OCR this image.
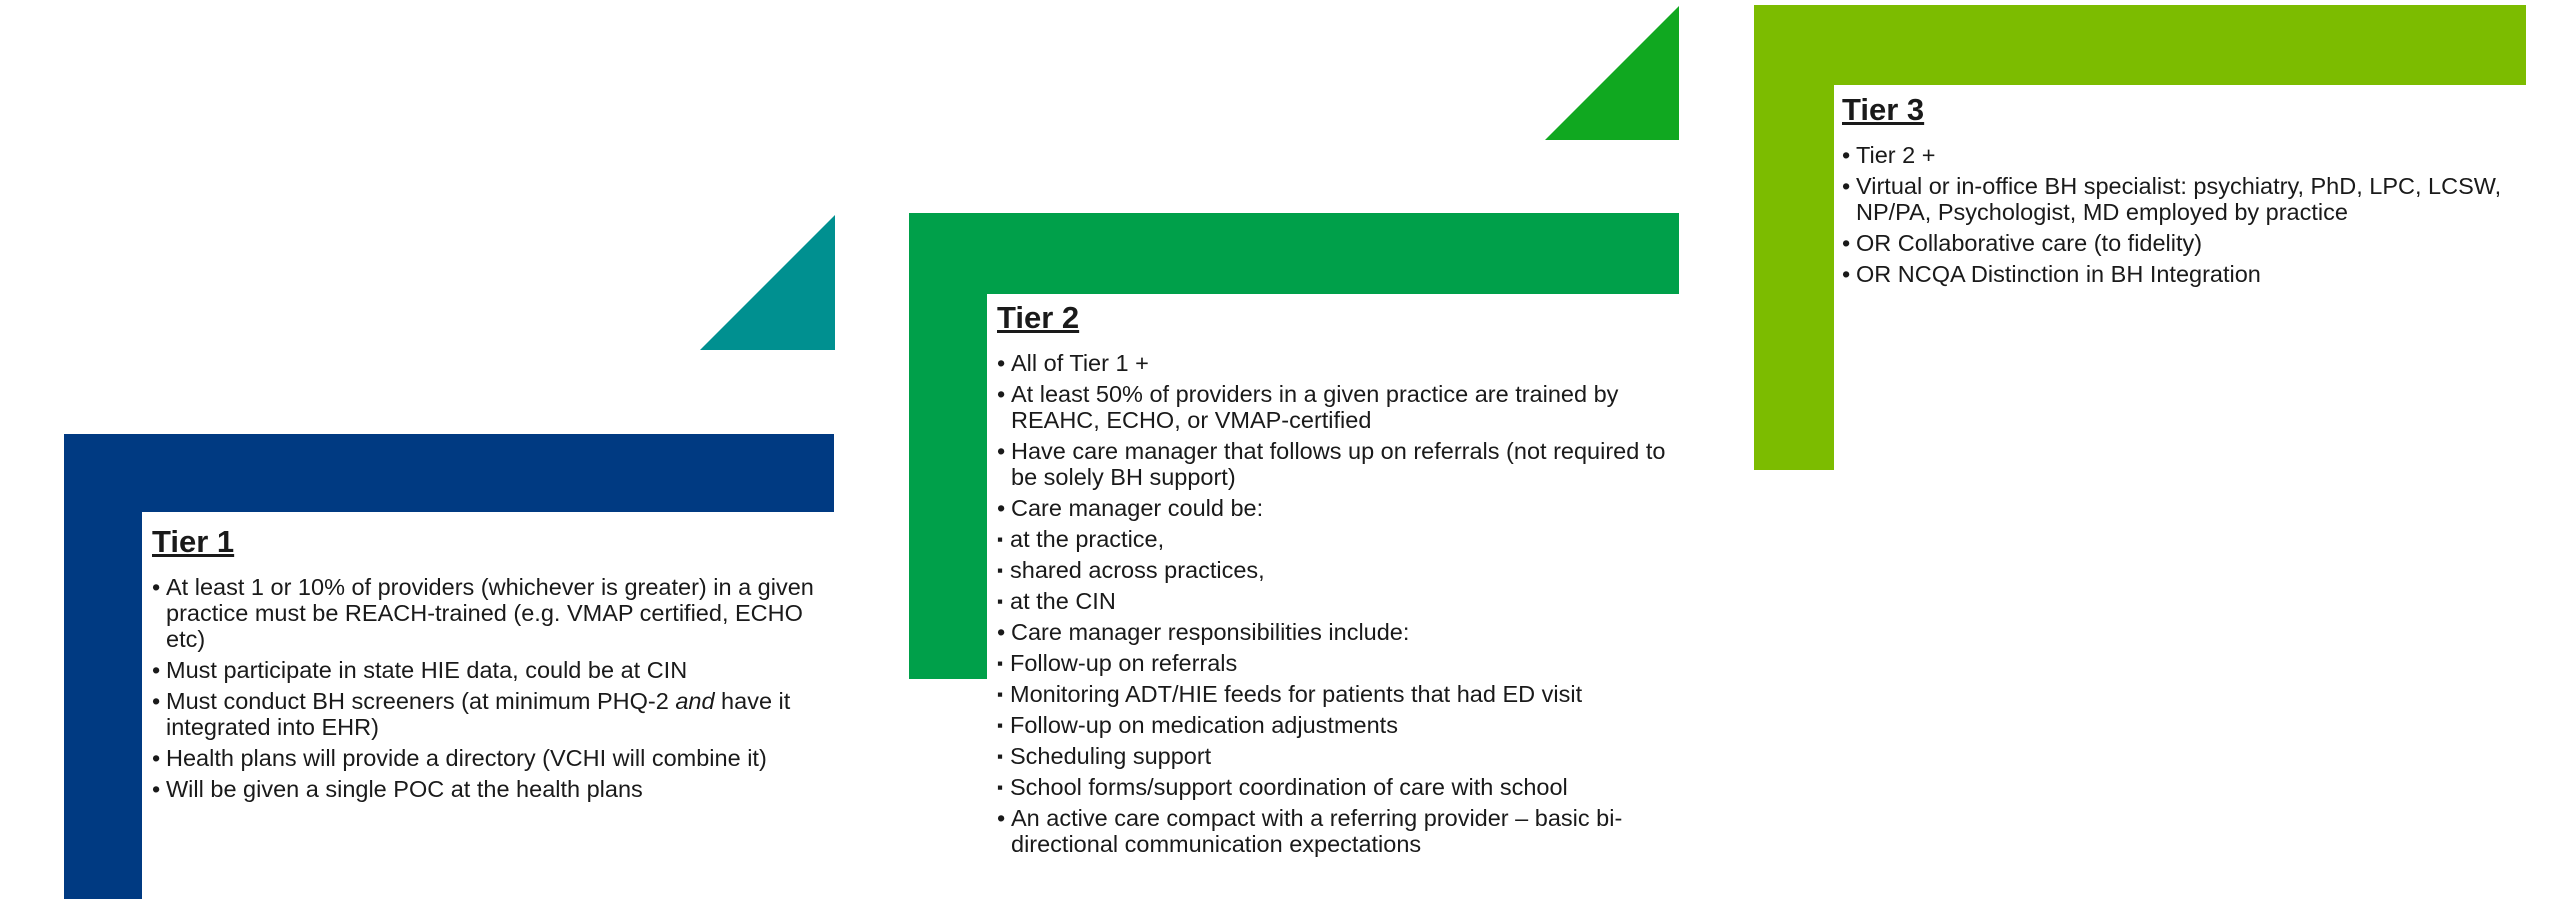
Tier 1
• At least 1 or 10% of providers (whichever is greater) in a given practice must be REACH-trained (e.g. VMAP certified, ECHO etc)
• Must participate in state HIE data, could be at CIN
• Must conduct BH screeners (at minimum PHQ-2 and have it integrated into EHR)
• Health plans will provide a directory (VCHI will combine it)
• Will be given a single POC at the health plans
Tier 2
• All of Tier 1 +
• At least 50% of providers in a given practice are trained by REAHC, ECHO, or VMAP-certified
• Have care manager that follows up on referrals (not required to be solely BH support)
• Care manager could be:
▪ at the practice,
▪ shared across practices,
▪ at the CIN
• Care manager responsibilities include:
▪ Follow-up on referrals
▪ Monitoring ADT/HIE feeds for patients that had ED visit
▪ Follow-up on medication adjustments
▪ Scheduling support
▪ School forms/support coordination of care with school
• An active care compact with a referring provider – basic bi-directional communication expectations
Tier 3
• Tier 2 +
• Virtual or in-office BH specialist: psychiatry, PhD, LPC, LCSW, NP/PA, Psychologist, MD employed by practice
• OR Collaborative care (to fidelity)
• OR NCQA Distinction in BH Integration
